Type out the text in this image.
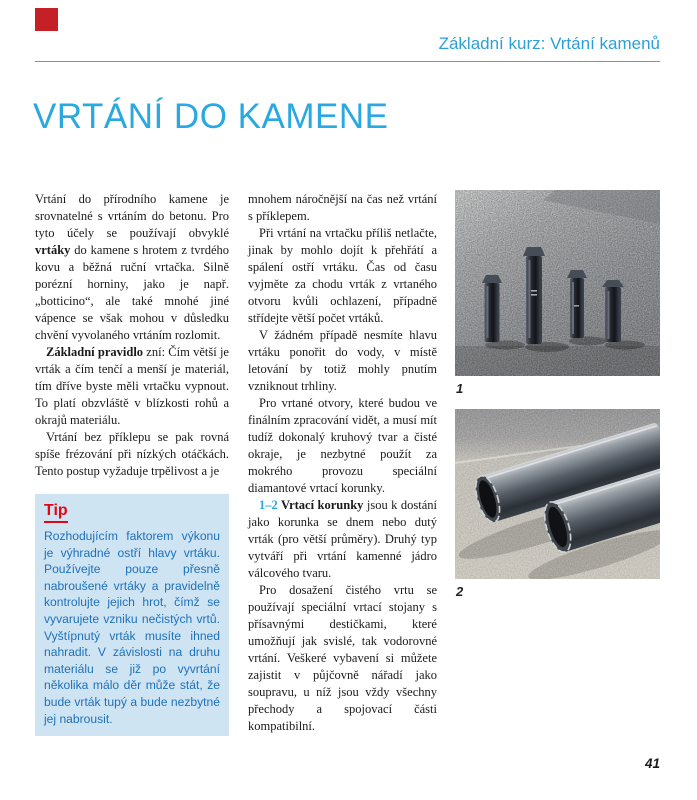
Základní kurz: Vrtání kamenů
VRTÁNÍ DO KAMENE

Vrtání do přírodního kamene je srovnatelné s vrtáním do betonu. Pro tyto účely se používají obvyklé vrtáky do kamene s hrotem z tvrdého kovu a běžná ruční vrtačka. Silně porézní horniny, jako je např. „botticino“, ale také mnohé jiné vápence se však mohou v důsledku chvění vyvolaného vrtáním rozlomit.

Základní pravidlo zní: Čím větší je vrták a čím tenčí a menší je materiál, tím dříve byste měli vrtačku vypnout. To platí obzvláště v blízkosti rohů a okrajů materiálu.

Vrtání bez příklepu se pak rovná spíše frézování při nízkých otáčkách. Tento postup vyžaduje trpělivost a je

Tip

Rozhodujícím faktorem výkonu je výhradné ostří hlavy vrtáku. Používejte pouze přesně nabroušené vrtáky a pravidelně kontrolujte jejich hrot, čímž se vyvarujete vzniku nečistých vrtů. Vyštípnutý vrták musíte ihned nahradit. V závislosti na druhu materiálu se již po vyvrtání několika málo děr může stát, že bude vrták tupý a bude nezbytné jej nabrousit.

mnohem náročnější na čas než vrtání s příklepem.

Při vrtání na vrtačku příliš netlačte, jinak by mohlo dojít k přehřátí a spálení ostří vrtáku. Čas od času vyjměte za chodu vrták z vrtaného otvoru kvůli ochlazení, případně střídejte větší počet vrtáků.

V žádném případě nesmíte hlavu vrtáku ponořit do vody, v místě letování by totiž mohly pnutím vzniknout trhliny.

Pro vrtané otvory, které budou ve finálním zpracování vidět, a musí mít tudíž dokonalý kruhový tvar a čisté okraje, je nezbytné použít za mokrého provozu speciální diamantové vrtací korunky.

1–2 Vrtací korunky jsou k dostání jako korunka se dnem nebo dutý vrták (pro větší průměry). Druhý typ vytváří při vrtání kamenné jádro válcového tvaru.

Pro dosažení čistého vrtu se používají speciální vrtací stojany s přísavnými destičkami, které umožňují jak svislé, tak vodorovné vrtání. Veškeré vybavení si můžete zajistit v půjčovně nářadí jako soupravu, u níž jsou vždy všechny přechody a spojovací části kompatibilní.

1
2
41
